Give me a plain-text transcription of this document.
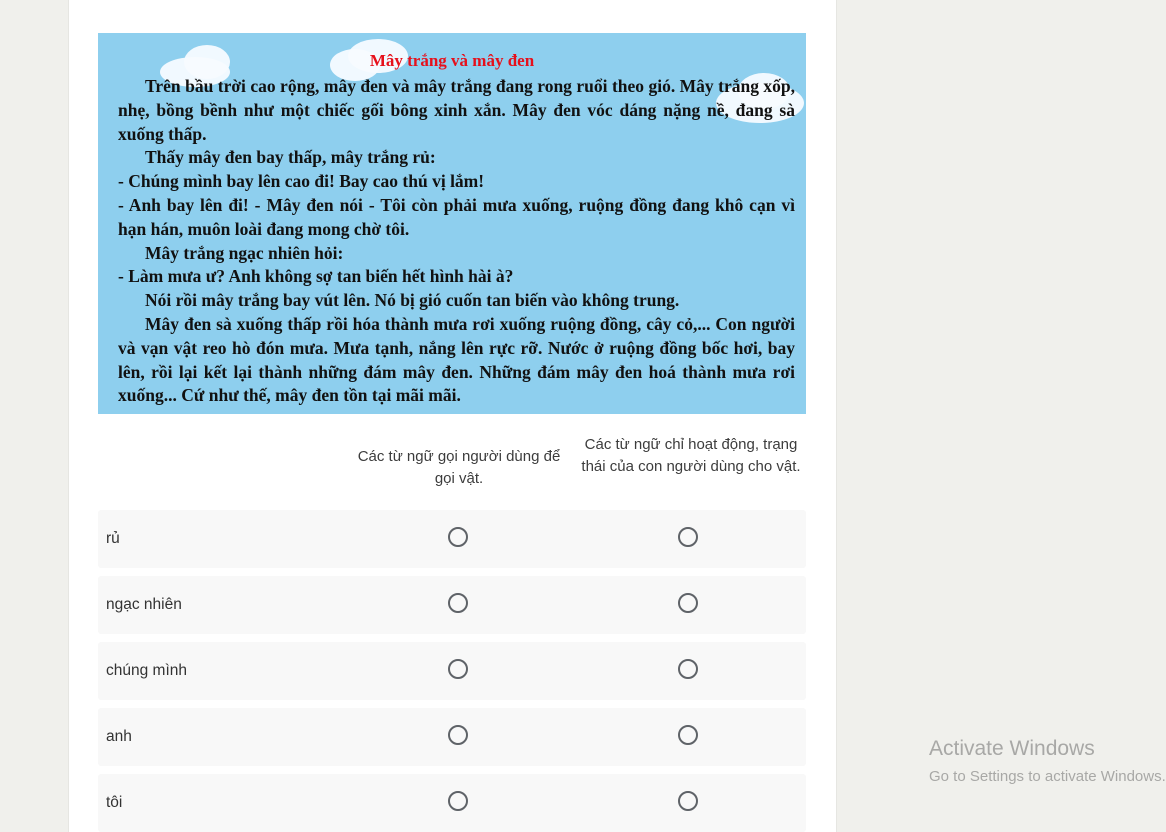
Mây trắng và mây đen

Trên bầu trời cao rộng, mây đen và mây trắng đang rong ruổi theo gió. Mây trắng xốp, nhẹ, bồng bềnh như một chiếc gối bông xinh xắn. Mây đen vóc dáng nặng nề, đang sà xuống thấp.

Thấy mây đen bay thấp, mây trắng rủ:

- Chúng mình bay lên cao đi! Bay cao thú vị lắm!

- Anh bay lên đi! - Mây đen nói - Tôi còn phải mưa xuống, ruộng đồng đang khô cạn vì hạn hán, muôn loài đang mong chờ tôi.

Mây trắng ngạc nhiên hỏi:

- Làm mưa ư? Anh không sợ tan biến hết hình hài à?

Nói rồi mây trắng bay vút lên. Nó bị gió cuốn tan biến vào không trung.

Mây đen sà xuống thấp rồi hóa thành mưa rơi xuống ruộng đồng, cây cỏ,... Con người và vạn vật reo hò đón mưa. Mưa tạnh, nắng lên rực rỡ. Nước ở ruộng đồng bốc hơi, bay lên, rồi lại kết lại thành những đám mây đen. Những đám mây đen hoá thành mưa rơi xuống... Cứ như thế, mây đen tồn tại mãi mãi.

Các từ ngữ gọi người dùng để gọi vật.
Các từ ngữ chỉ hoạt động, trạng thái của con người dùng cho vật.
rủ
ngạc nhiên
chúng mình
anh
tôi
Activate Windows
Go to Settings to activate Windows.
